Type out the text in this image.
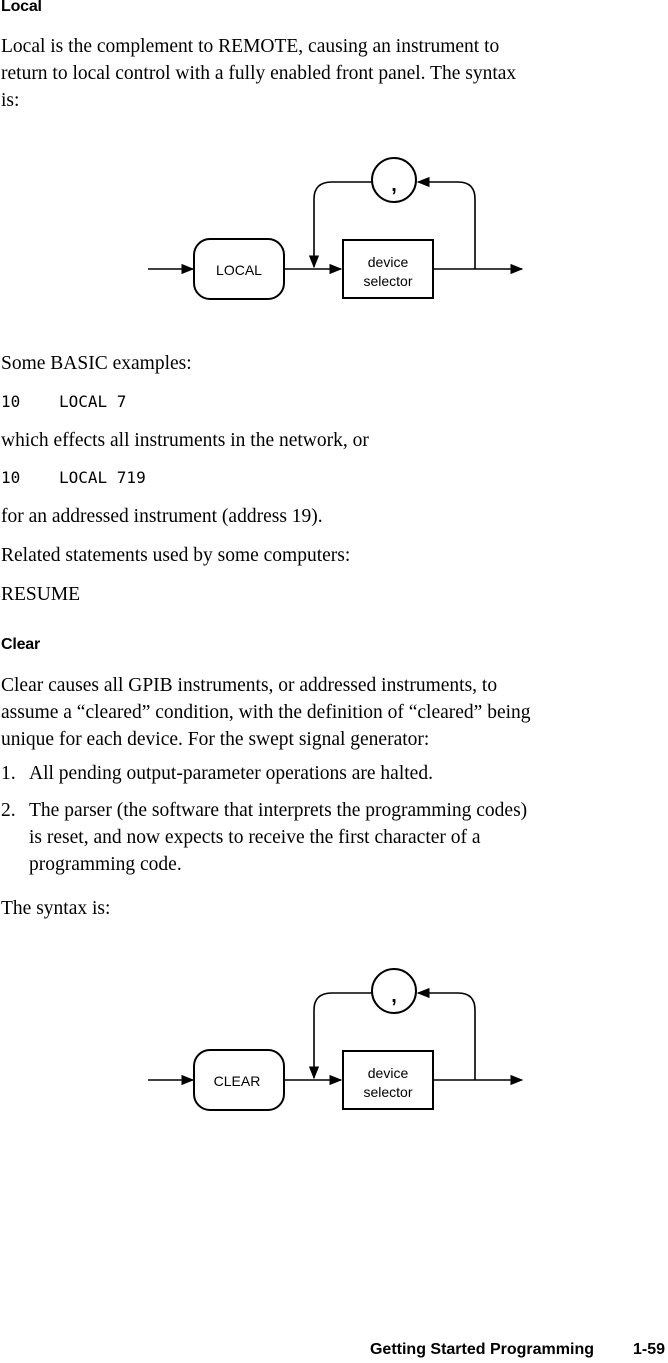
Local
Local is the complement to REMOTE, causing an instrument to
return to local control with a fully enabled front panel. The syntax
is:
LOCAL	device
selector
,
Some BASIC examples:
10 LOCAL 7
which effects all instruments in the network, or
10 LOCAL 719
for an addressed instrument (address 19).
Related statements used by some computers:
RESUME
Clear
Clear causes all GPIB instruments, or addressed instruments, to
assume a “cleared” condition, with the definition of “cleared” being
unique for each device. For the swept signal generator:
1. All pending output-parameter operations are halted.
2. The parser (the software that interprets the programming codes)
is reset, and now expects to receive the first character of a
programming code.
The syntax is:
CLEAR	device
selector
,
Getting Started Programming 1-59
